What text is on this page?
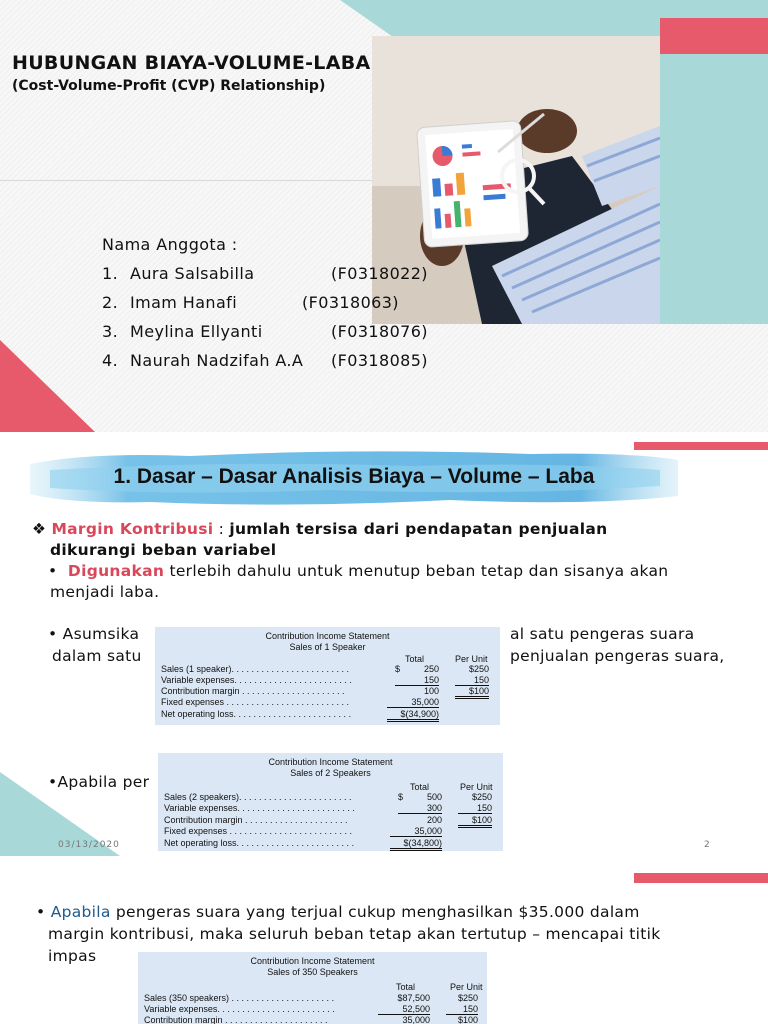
HUBUNGAN BIAYA-VOLUME-LABA
(Cost-Volume-Profit (CVP) Relationship)
Nama Anggota :
1. Aura Salsabilla	(F0318022)
2. Imam Hanafi	(F0318063)
3. Meylina Ellyanti	(F0318076)
4. Naurah Nadzifah A.A (F0318085)
1. Dasar – Dasar Analisis Biaya – Volume – Laba
❖ Margin Kontribusi : jumlah tersisa dari pendapatan penjualan
dikurangi beban variabel
• Digunakan terlebih dahulu untuk menutup beban tetap dan sisanya akan
menjadi laba.
• Asumsika
dalam satu
al satu pengeras suara
penjualan pengeras suara,
•Apabila per
Contribution Income Statement
Sales of 1 Speaker
Total	Per Unit
Sales (1 speaker). . . . . . . . . . . . . . . . . . . . . . . .	$	250	$250
Variable expenses. . . . . . . . . . . . . . . . . . . . . . . .	150	150
Contribution margin . . . . . . . . . . . . . . . . . . . . .	100	$100
Fixed expenses . . . . . . . . . . . . . . . . . . . . . . . . .	35,000
Net operating loss. . . . . . . . . . . . . . . . . . . . . . . .	$(34,900)
Contribution Income Statement
Sales of 2 Speakers
Total	Per Unit
Sales (2 speakers). . . . . . . . . . . . . . . . . . . . . . .	$	500	$250
Variable expenses. . . . . . . . . . . . . . . . . . . . . . . .	300	150
Contribution margin . . . . . . . . . . . . . . . . . . . . .	200	$100
Fixed expenses . . . . . . . . . . . . . . . . . . . . . . . . .	35,000
Net operating loss. . . . . . . . . . . . . . . . . . . . . . . .	$(34,800)
03/13/2020	2
• Apabila pengeras suara yang terjual cukup menghasilkan $35.000 dalam
margin kontribusi, maka seluruh beban tetap akan tertutup – mencapai titik
impas	Contribution Income Statement
Sales of 350 Speakers
Total	Per Unit
Sales (350 speakers) . . . . . . . . . . . . . . . . . . . . .	$87,500	$250
Variable expenses. . . . . . . . . . . . . . . . . . . . . . . .	52,500	150
Contribution margin . . . . . . . . . . . . . . . . . . . . .	35,000	$100
